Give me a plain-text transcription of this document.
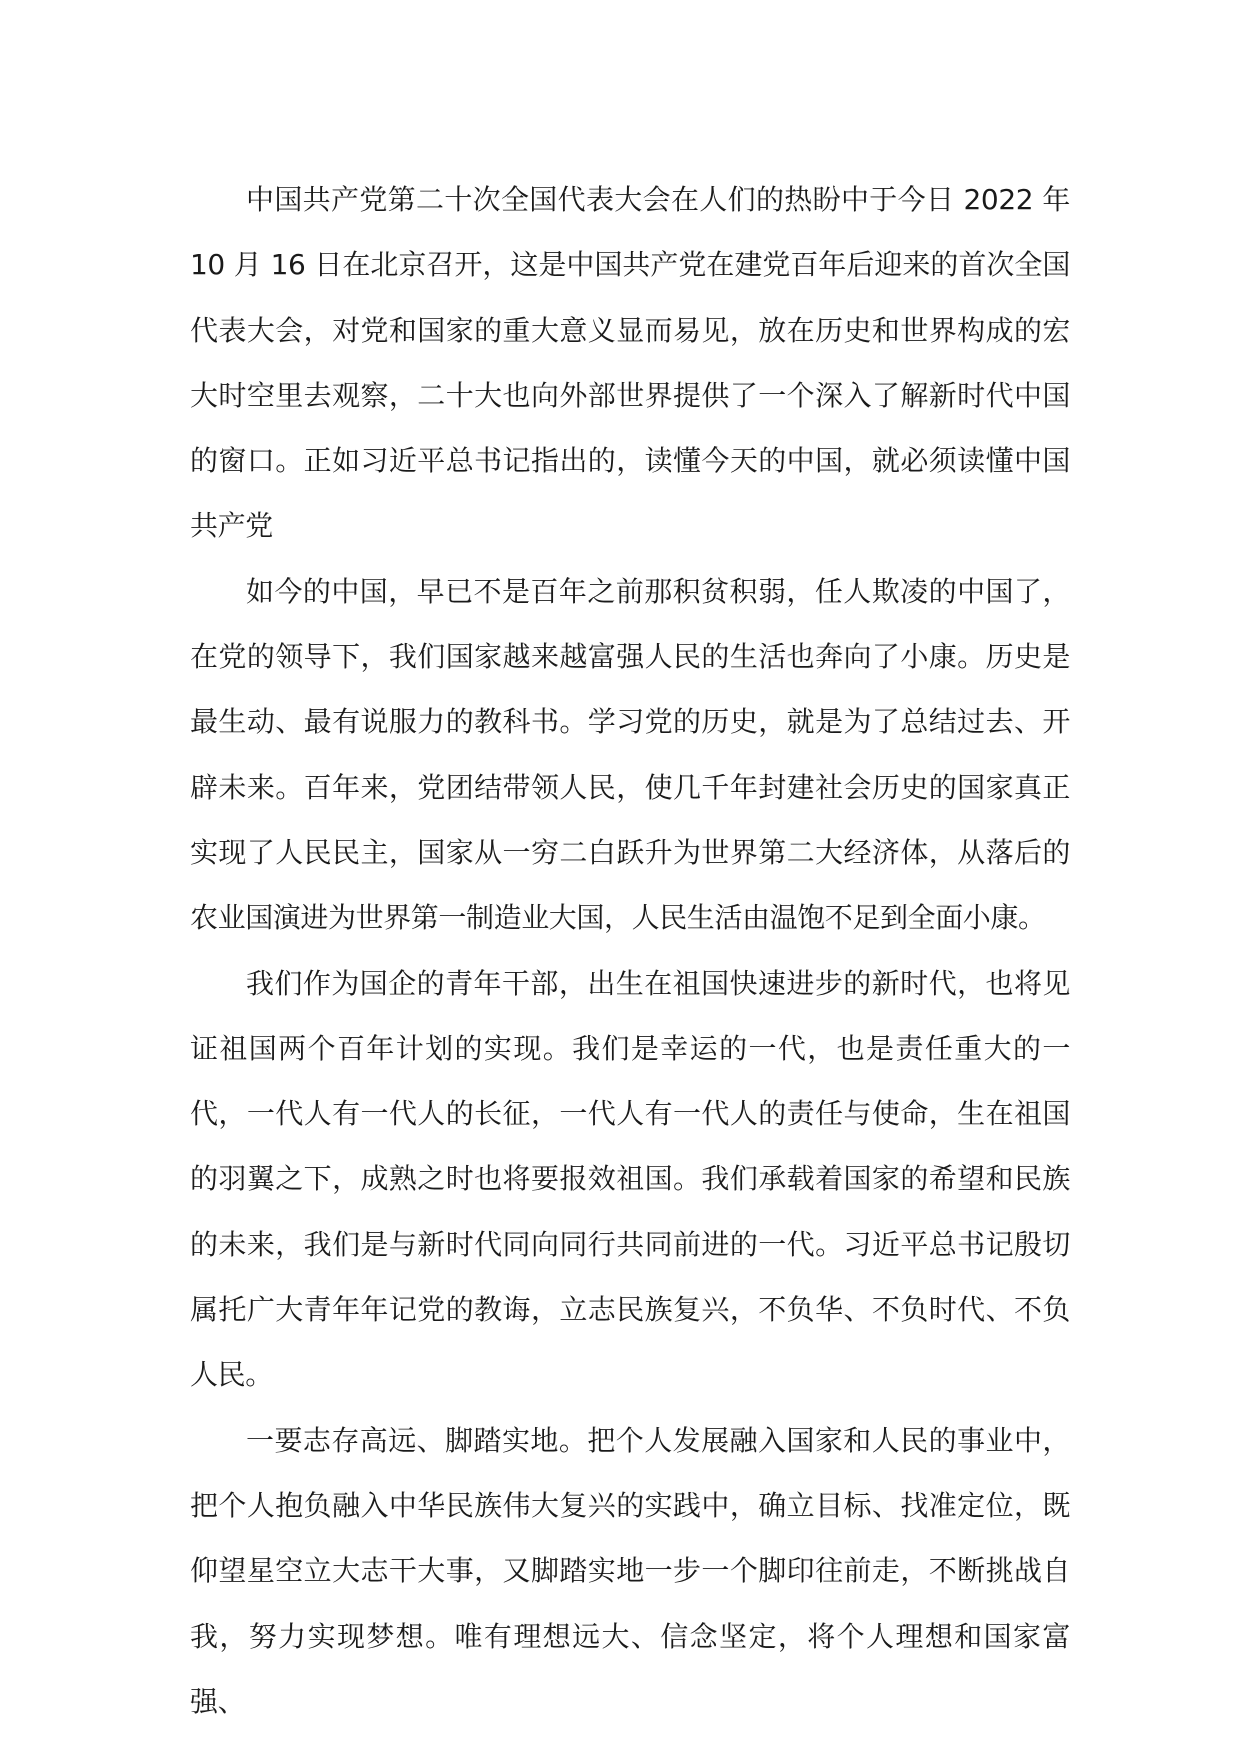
中国共产党第二十次全国代表大会在人们的热盼中于今日 2022 年 10 月 16 日在北京召开，这是中国共产党在建党百年后迎来的首次全国代表大会，对党和国家的重大意义显而易见，放在历史和世界构成的宏大时空里去观察，二十大也向外部世界提供了一个深入了解新时代中国的窗口。正如习近平总书记指出的，读懂今天的中国，就必须读懂中国共产党

如今的中国，早已不是百年之前那积贫积弱，任人欺凌的中国了，在党的领导下，我们国家越来越富强人民的生活也奔向了小康。历史是最生动、最有说服力的教科书。学习党的历史，就是为了总结过去、开辟未来。百年来，党团结带领人民，使几千年封建社会历史的国家真正实现了人民民主，国家从一穷二白跃升为世界第二大经济体，从落后的农业国演进为世界第一制造业大国，人民生活由温饱不足到全面小康。

我们作为国企的青年干部，出生在祖国快速进步的新时代，也将见证祖国两个百年计划的实现。我们是幸运的一代，也是责任重大的一代，一代人有一代人的长征，一代人有一代人的责任与使命，生在祖国的羽翼之下，成熟之时也将要报效祖国。我们承载着国家的希望和民族的未来，我们是与新时代同向同行共同前进的一代。习近平总书记殷切属托广大青年年记党的教诲，立志民族复兴，不负华、不负时代、不负人民。

一要志存高远、脚踏实地。把个人发展融入国家和人民的事业中，把个人抱负融入中华民族伟大复兴的实践中，确立目标、找准定位，既仰望星空立大志干大事，又脚踏实地一步一个脚印往前走，不断挑战自我，努力实现梦想。唯有理想远大、信念坚定，将个人理想和国家富强、
